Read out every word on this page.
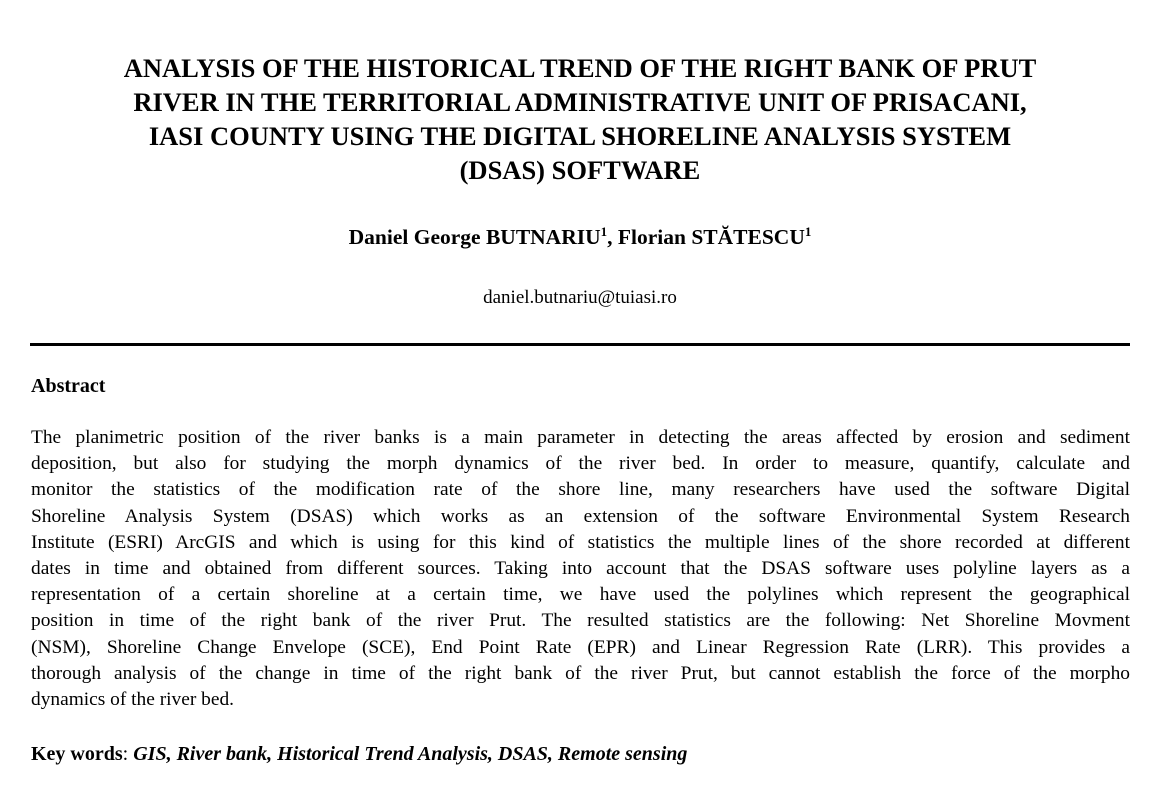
ANALYSIS OF THE HISTORICAL TREND OF THE RIGHT BANK OF PRUT
RIVER IN THE TERRITORIAL ADMINISTRATIVE UNIT OF PRISACANI,
IASI COUNTY USING THE DIGITAL SHORELINE ANALYSIS SYSTEM
(DSAS) SOFTWARE

Daniel George BUTNARIU$^1$, Florian STĂTESCU$^1$

daniel.butnariu@tuiasi.ro
Abstract

The planimetric position of the river banks is a main parameter in detecting the areas affected by erosion and sediment
deposition, but also for studying the morph dynamics of the river bed. In order to measure, quantify, calculate and
monitor the statistics of the modification rate of the shore line, many researchers have used the software Digital
Shoreline Analysis System (DSAS) which works as an extension of the software Environmental System Research
Institute (ESRI) ArcGIS and which is using for this kind of statistics the multiple lines of the shore recorded at different
dates in time and obtained from different sources. Taking into account that the DSAS software uses polyline layers as a
representation of a certain shoreline at a certain time, we have used the polylines which represent the geographical
position in time of the right bank of the river Prut. The resulted statistics are the following: Net Shoreline Movment
(NSM), Shoreline Change Envelope (SCE), End Point Rate (EPR) and Linear Regression Rate (LRR). This provides a
thorough analysis of the change in time of the right bank of the river Prut, but cannot establish the force of the morpho
dynamics of the river bed.

Key words: GIS, River bank, Historical Trend Analysis, DSAS, Remote sensing
